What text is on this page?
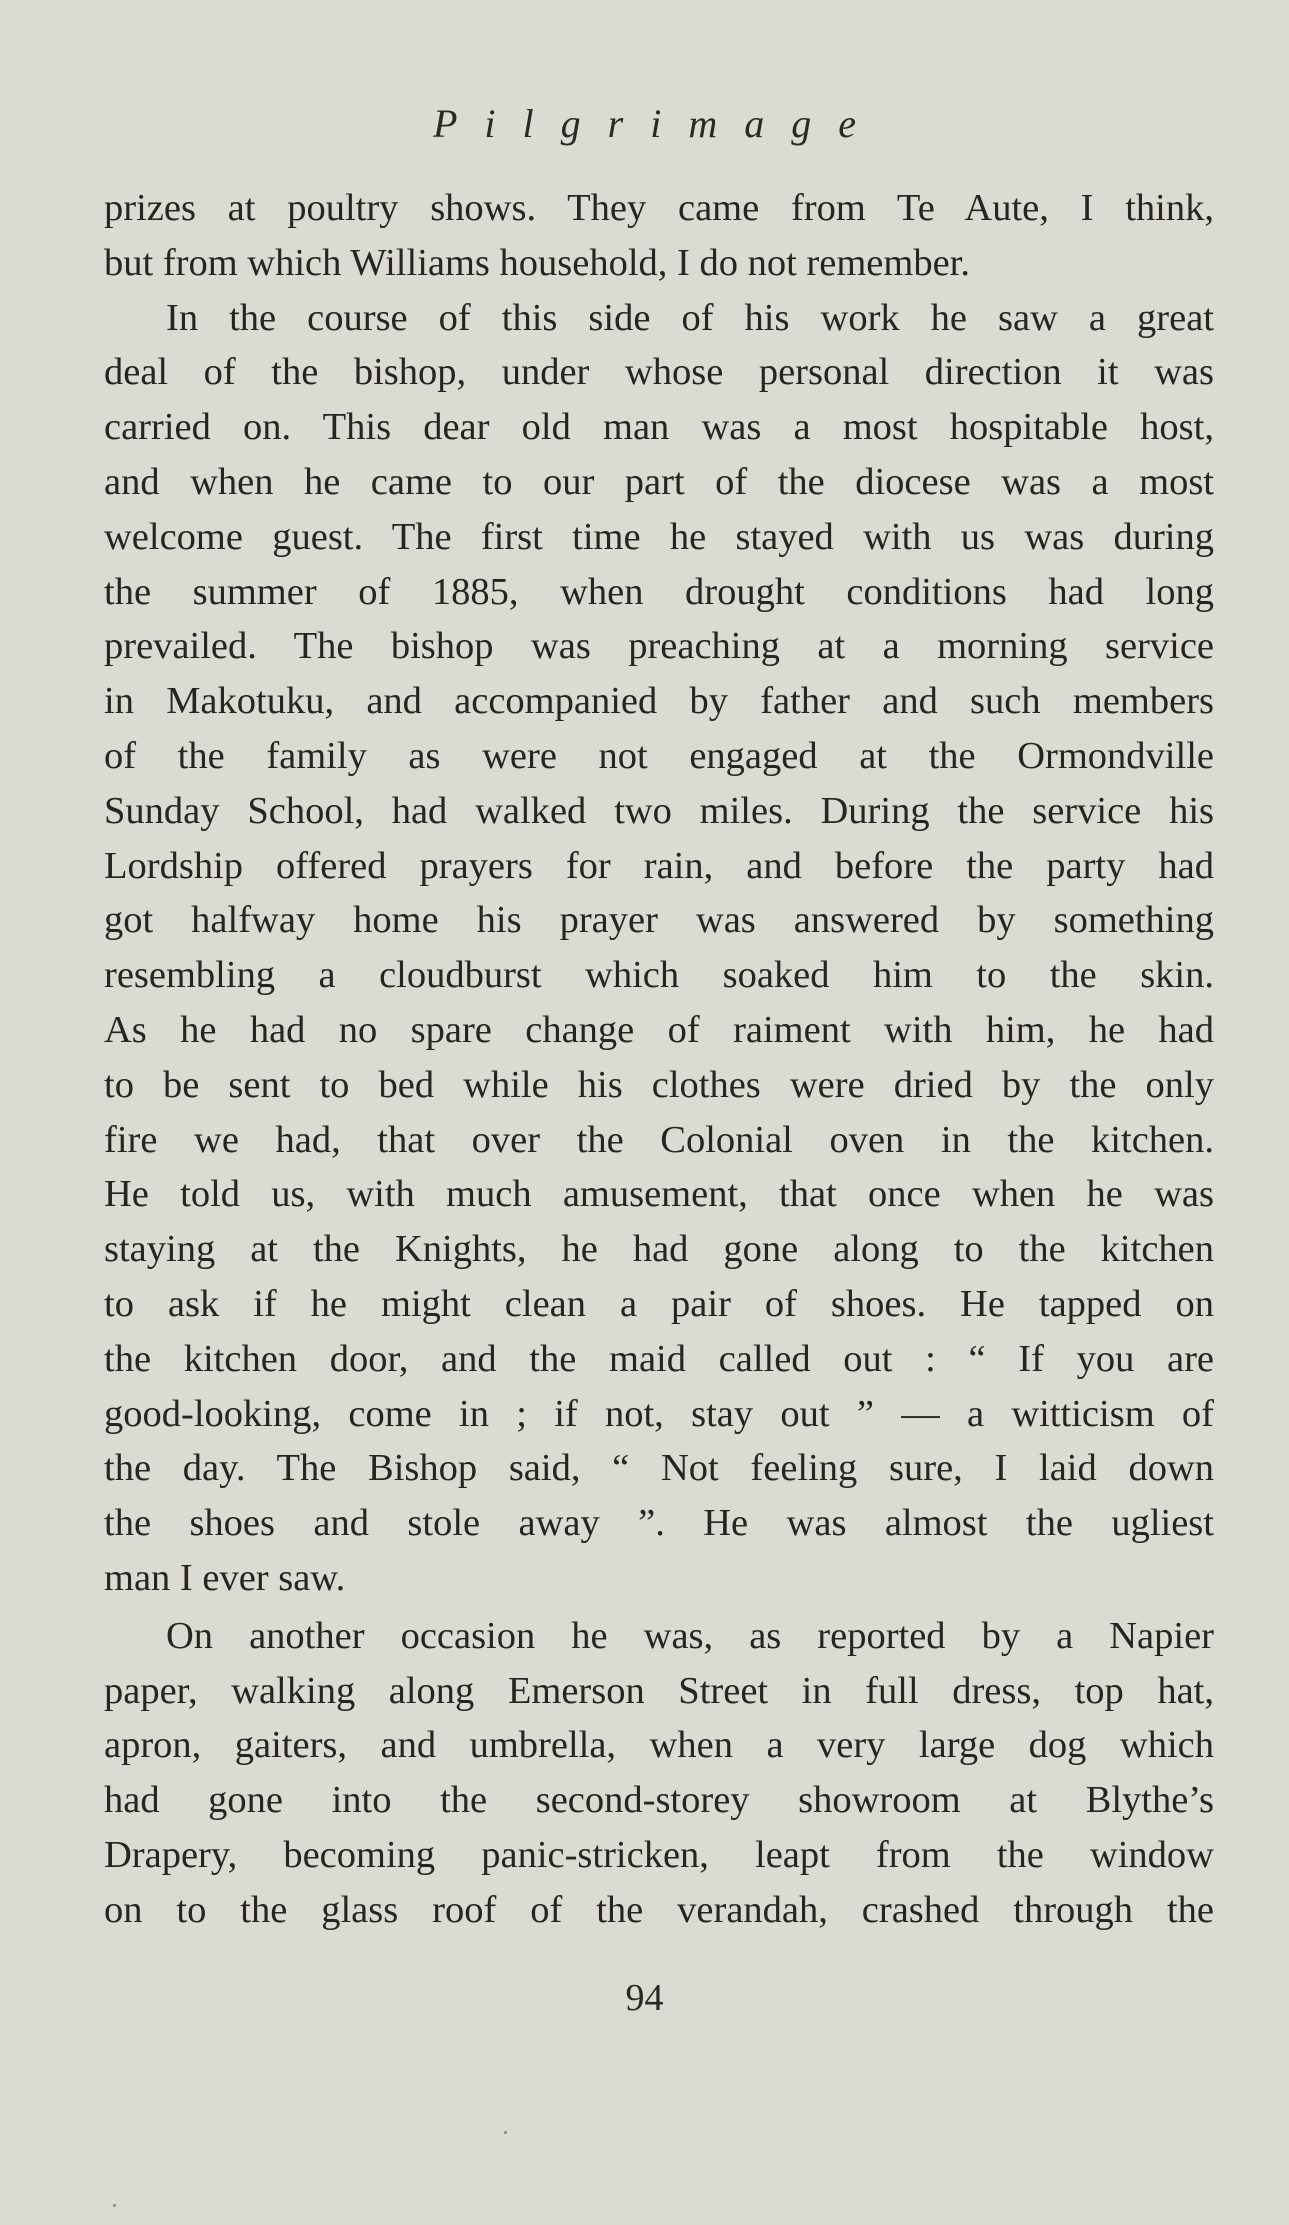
Pilgrimage
prizes at poultry shows. They came from Te Aute, I think,
but from which Williams household, I do not remember.
In the course of this side of his work he saw a great
deal of the bishop, under whose personal direction it was
carried on. This dear old man was a most hospitable host,
and when he came to our part of the diocese was a most
welcome guest. The first time he stayed with us was during
the summer of 1885, when drought conditions had long
prevailed. The bishop was preaching at a morning service
in Makotuku, and accompanied by father and such members
of the family as were not engaged at the Ormondville
Sunday School, had walked two miles. During the service his
Lordship offered prayers for rain, and before the party had
got halfway home his prayer was answered by something
resembling a cloudburst which soaked him to the skin.
As he had no spare change of raiment with him, he had
to be sent to bed while his clothes were dried by the only
fire we had, that over the Colonial oven in the kitchen.
He told us, with much amusement, that once when he was
staying at the Knights, he had gone along to the kitchen
to ask if he might clean a pair of shoes. He tapped on
the kitchen door, and the maid called out : “ If you are
good-looking, come in ; if not, stay out ” — a witticism of
the day. The Bishop said, “ Not feeling sure, I laid down
the shoes and stole away ”. He was almost the ugliest
man I ever saw.
On another occasion he was, as reported by a Napier
paper, walking along Emerson Street in full dress, top hat,
apron, gaiters, and umbrella, when a very large dog which
had gone into the second-storey showroom at Blythe’s
Drapery, becoming panic-stricken, leapt from the window
on to the glass roof of the verandah, crashed through the
94
